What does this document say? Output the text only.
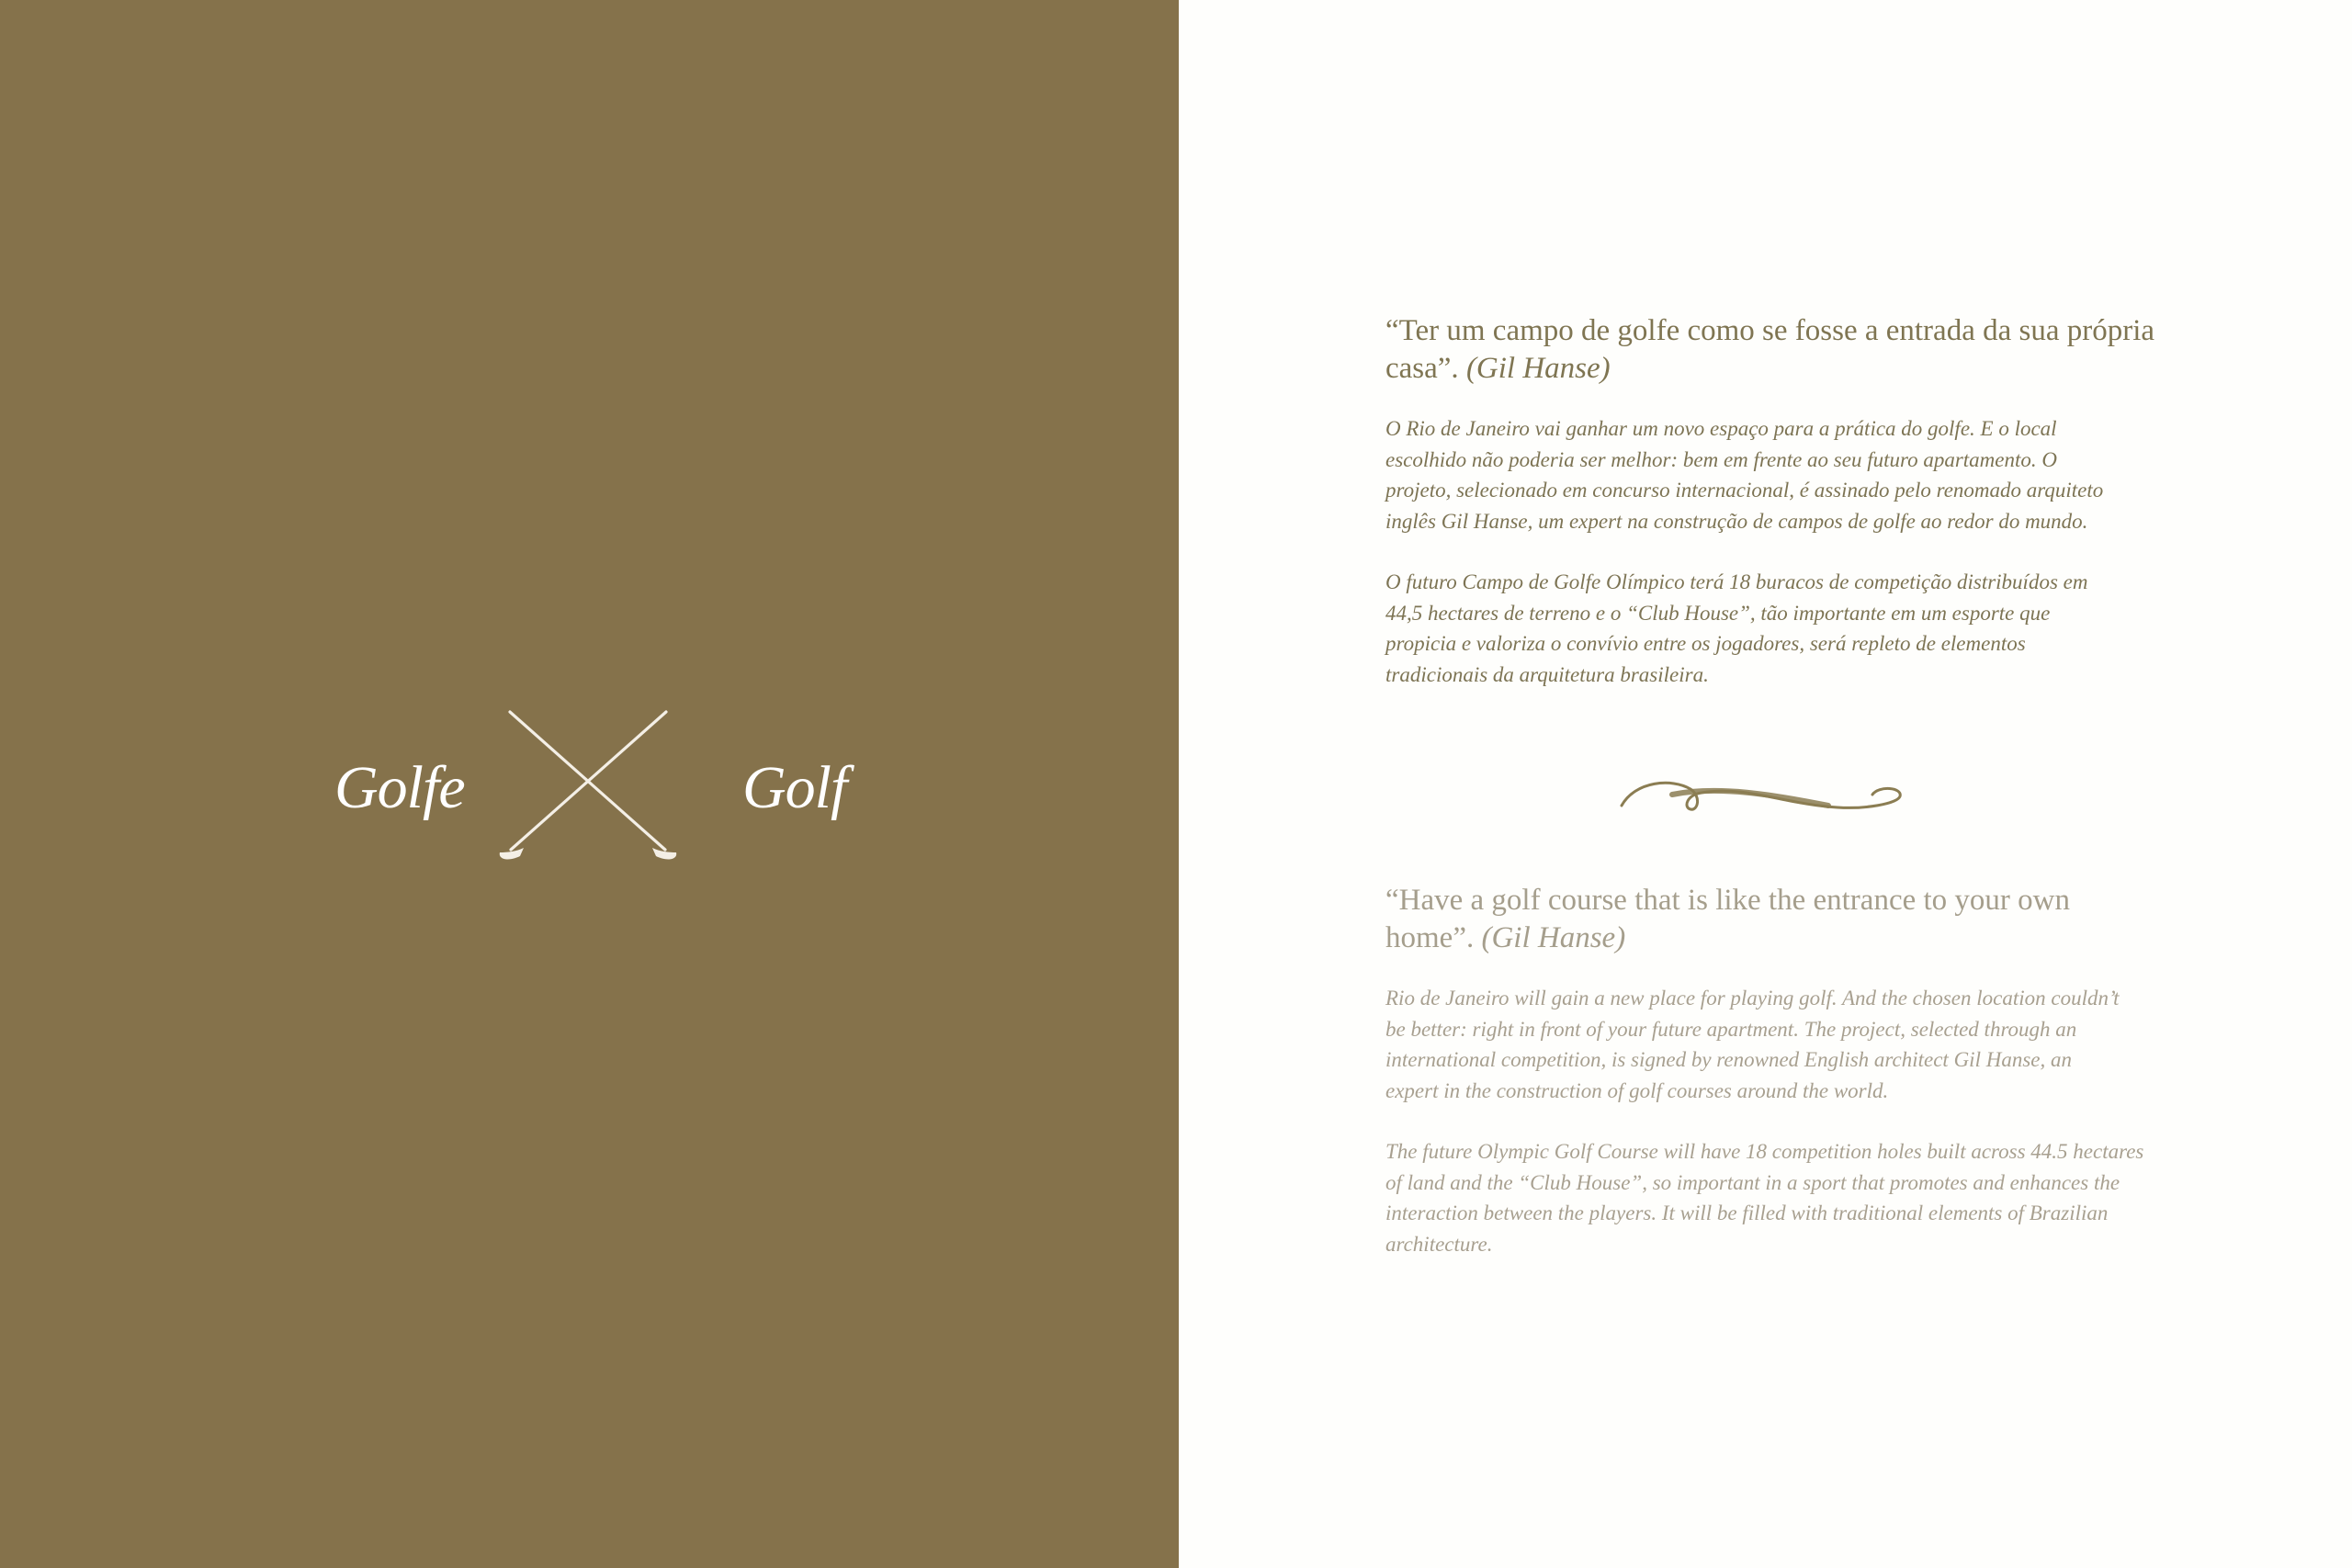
Golfe	Golf

“Ter um campo de golfe como se fosse a entrada da sua própria casa”. (Gil Hanse)

O Rio de Janeiro vai ganhar um novo espaço para a prática do golfe. E o local escolhido não poderia ser melhor: bem em frente ao seu futuro apartamento. O projeto, selecionado em concurso internacional, é assinado pelo renomado arquiteto inglês Gil Hanse, um expert na construção de campos de golfe ao redor do mundo.

O futuro Campo de Golfe Olímpico terá 18 buracos de competição distribuídos em 44,5 hectares de terreno e o “Club House”, tão importante em um esporte que propicia e valoriza o convívio entre os jogadores, será repleto de elementos tradicionais da arquitetura brasileira.

“Have a golf course that is like the entrance to your own home”. (Gil Hanse)

Rio de Janeiro will gain a new place for playing golf. And the chosen location couldn’t be better: right in front of your future apartment. The project, selected through an international competition, is signed by renowned English architect Gil Hanse, an expert in the construction of golf courses around the world.

The future Olympic Golf Course will have 18 competition holes built across 44.5 hectares of land and the “Club House”, so important in a sport that promotes and enhances the interaction between the players. It will be filled with traditional elements of Brazilian architecture.
